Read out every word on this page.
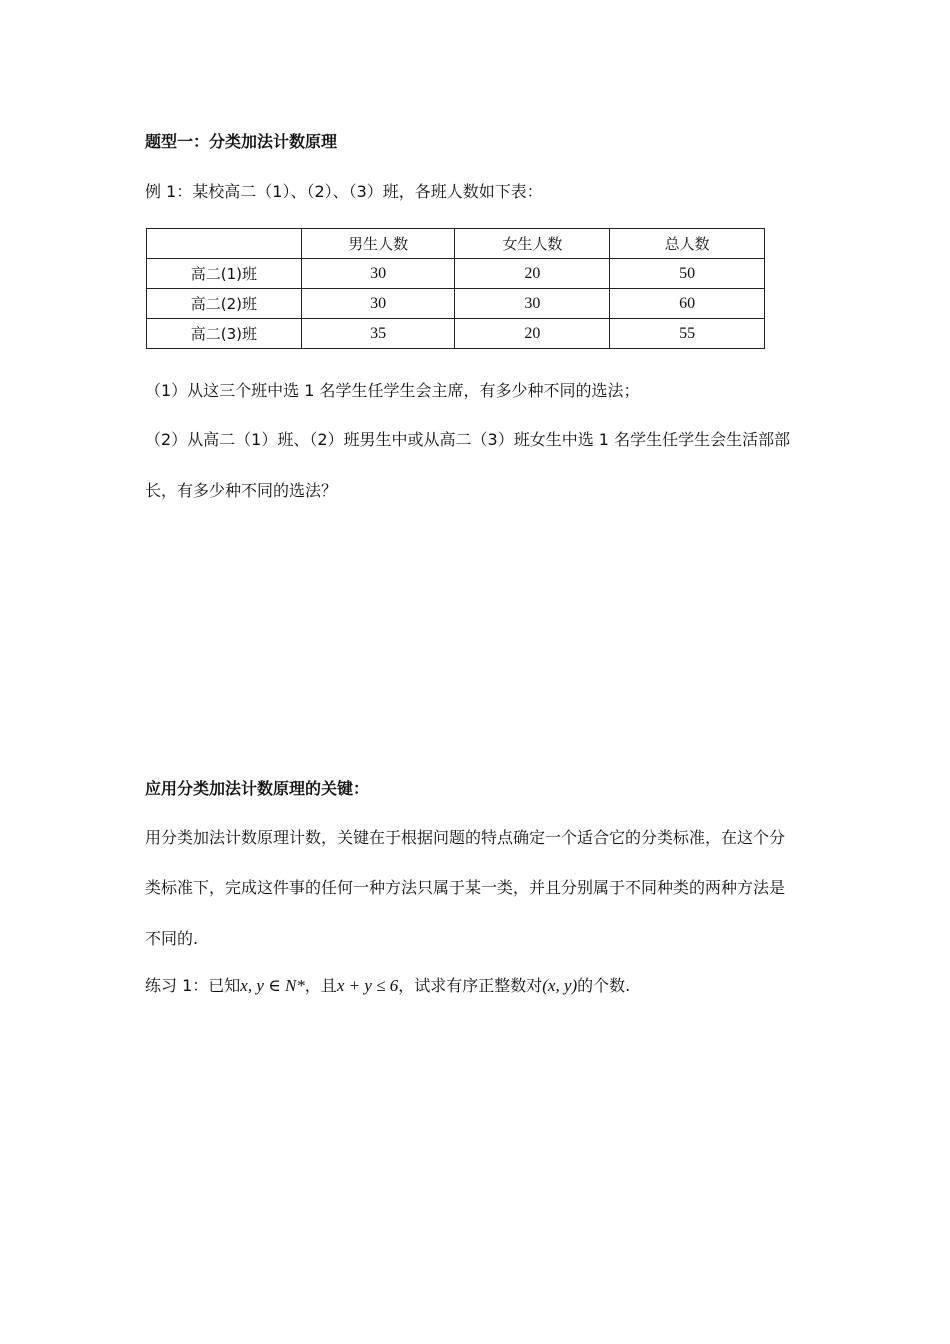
题型一：分类加法计数原理
例 1：某校高二（1）、（2）、（3）班，各班人数如下表：
	男生人数	女生人数	总人数
高二(1)班	30	20	50
高二(2)班	30	30	60
高二(3)班	35	20	55
（1）从这三个班中选 1 名学生任学生会主席，有多少种不同的选法；
（2）从高二（1）班、（2）班男生中或从高二（3）班女生中选 1 名学生任学生会生活部部
长，有多少种不同的选法？
应用分类加法计数原理的关键：
用分类加法计数原理计数，关键在于根据问题的特点确定一个适合它的分类标准，在这个分
类标准下，完成这件事的任何一种方法只属于某一类，并且分别属于不同种类的两种方法是
不同的.
练习 1：已知x, y ∈ N*，且x + y ≤ 6，试求有序正整数对(x, y)的个数.
